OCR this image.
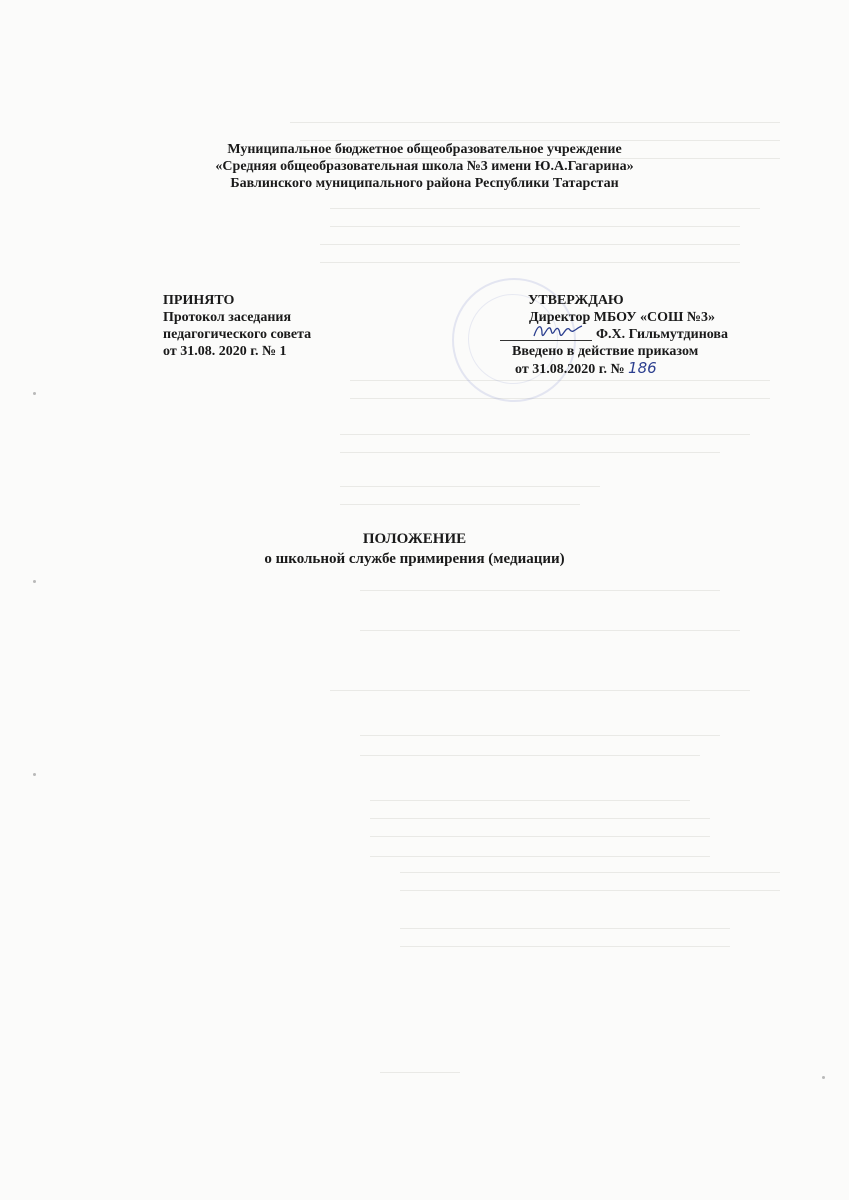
Муниципальное бюджетное общеобразовательное учреждение
«Средняя общеобразовательная школа №3 имени Ю.А.Гагарина»
Бавлинского муниципального района Республики Татарстан
ПРИНЯТО
Протокол заседания
педагогического совета
от 31.08. 2020 г. № 1
УТВЕРЖДАЮ
Директор МБОУ «СОШ №3»
Ф.Х. Гильмутдинова
Введено в действие приказом
от 31.08.2020 г. № 186
ПОЛОЖЕНИЕ
о школьной службе примирения (медиации)
